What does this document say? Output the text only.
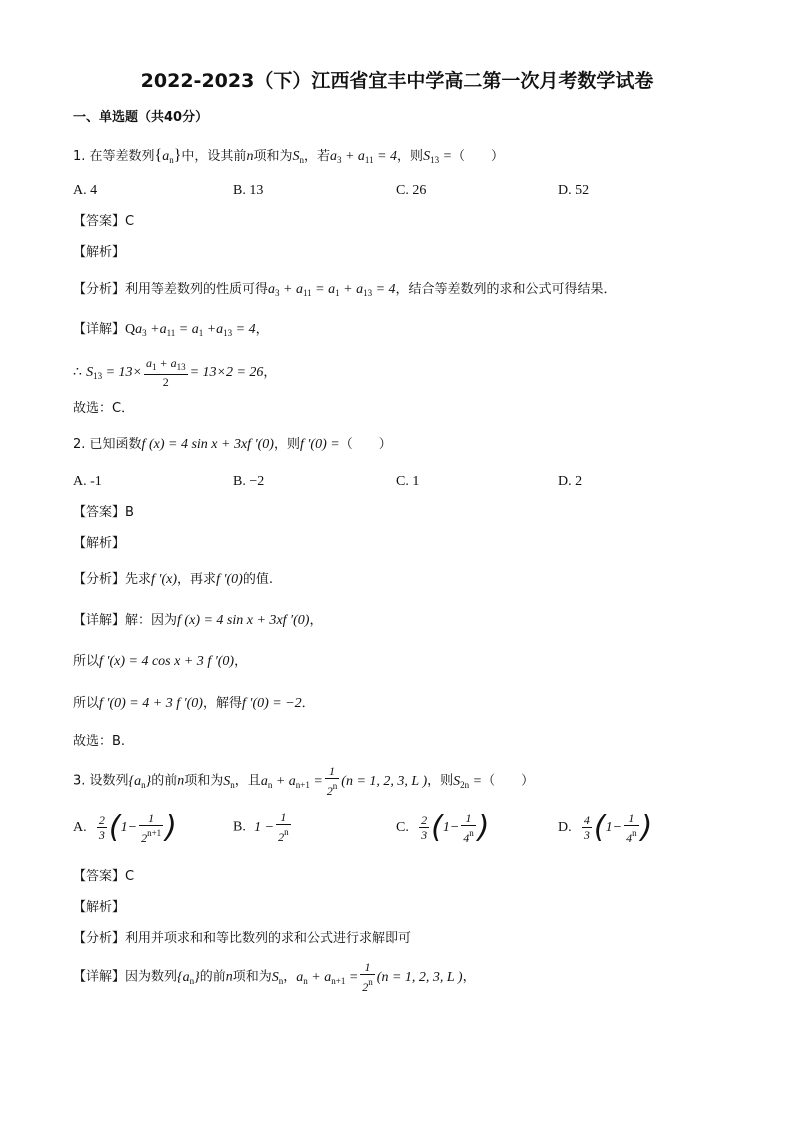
2022-2023（下）江西省宜丰中学高二第一次月考数学试卷
一、单选题（共40分）
1. 在等差数列$\{a_n\}$中，设其前n项和为$S_n$，若$a_3 + a_{11} = 4$，则$S_{13}$ =（　　）
A. 4	B. 13	C. 26	D. 52
【答案】C
【解析】
【分析】利用等差数列的性质可得$a_3 + a_{11} = a_1 + a_{13} = 4$，结合等差数列的求和公式可得结果．
【详解】$Qa_3 +a_{11} = a_1 +a_{13} = 4$，
∴ $S_{13} = 13\times \frac{a_1 + a_{13}}{2} = 13\times 2 = 26$，
故选：C．
2. 已知函数f (x) = 4 sin x + 3xf ′(0)，则f ′(0) =（　　）
A. -1	B. −2	C. 1	D. 2
【答案】B
【解析】
【分析】先求f ′(x)，再求f ′(0)的值.
【详解】解：因为f (x) = 4 sin x + 3xf ′(0)，
所以f ′(x) = 4 cos x + 3 f ′(0)，
所以f ′(0) = 4 + 3 f ′(0)，解得f ′(0) = −2．
故选：B.
3. 设数列$\{a_n\}$的前n项和为$S_n$，且$a_n + a_{n+1} = \frac{1}{2^n} (n = 1$, 2, 3, L )，则$S_{2n}$ =（　　）
A. $\frac{2}{3} (1- \frac{1}{2^{n+1}}$ )	B. $1 - \frac{1}{2^n}$	C. $\frac{2}{3} (1- \frac{1}{4^n}$ )	D. $\frac{4}{3} (1- \frac{1}{4^n}$ )
【答案】C
【解析】
【分析】利用并项求和和等比数列的求和公式进行求解即可
【详解】因为数列$\{a_n\}$的前n项和为$S_n$，$a_n + a_{n+1} = \frac{1}{2^n} (n = 1$, 2, 3, L )，
